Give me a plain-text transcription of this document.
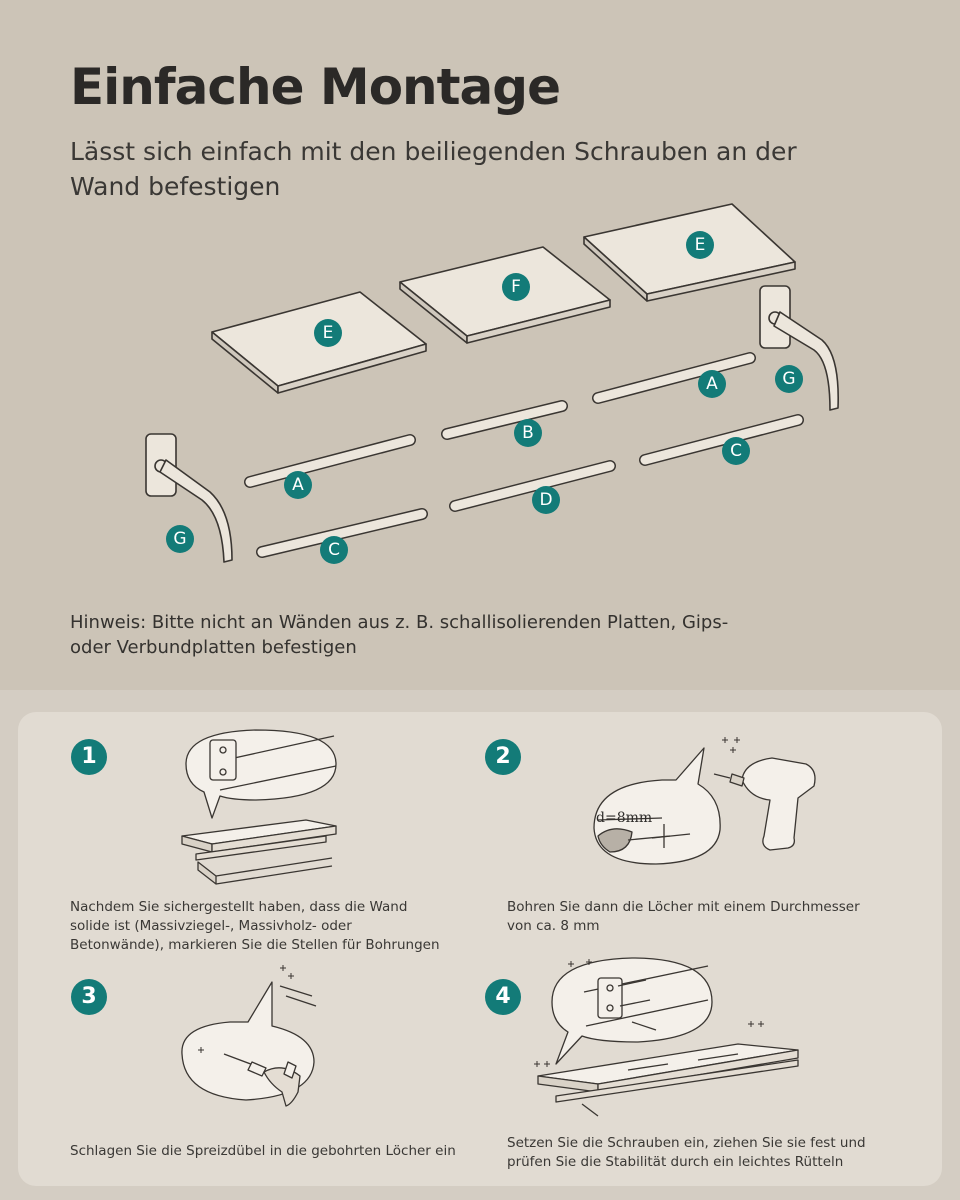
Einfache Montage
Lässt sich einfach mit den beiliegenden Schrauben an der Wand befestigen
E
F
E
A
B
A
C
D
C
G
G
Hinweis: Bitte nicht an Wänden aus z. B. schallisolierenden Platten, Gips- oder Verbundplatten befestigen
1
Nachdem Sie sichergestellt haben, dass die Wand solide ist (Massivziegel-, Massivholz- oder Betonwände), markieren Sie die Stellen für Bohrungen
2
d=8mm
Bohren Sie dann die Löcher mit einem Durchmesser von ca. 8 mm
3
Schlagen Sie die Spreizdübel in die gebohrten Löcher ein
4
Setzen Sie die Schrauben ein, ziehen Sie sie fest und prüfen Sie die Stabilität durch ein leichtes Rütteln
